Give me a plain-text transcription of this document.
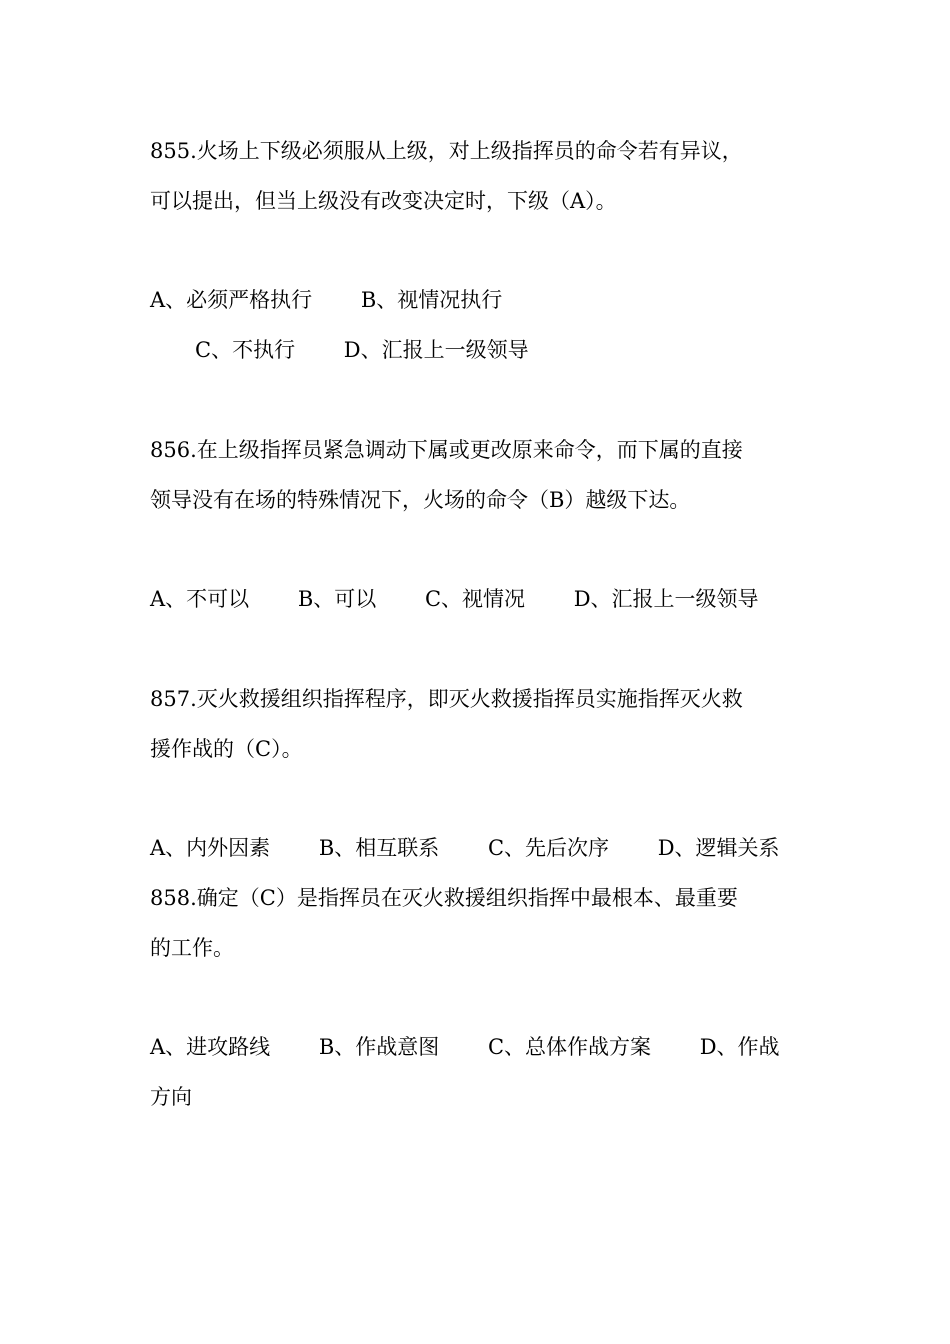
855.火场上下级必须服从上级，对上级指挥员的命令若有异议，

可以提出，但当上级没有改变决定时，下级（A）。

A、必须严格执行　　 B、视情况执行

C、不执行　　 D、汇报上一级领导

856.在上级指挥员紧急调动下属或更改原来命令，而下属的直接

领导没有在场的特殊情况下，火场的命令（B）越级下达。

A、不可以　　 B、可以　　 C、视情况　　 D、汇报上一级领导

857.灭火救援组织指挥程序，即灭火救援指挥员实施指挥灭火救

援作战的（C）。

A、内外因素　　 B、相互联系　　 C、先后次序　　 D、逻辑关系

858.确定（C）是指挥员在灭火救援组织指挥中最根本、最重要

的工作。

A、进攻路线　　 B、作战意图　　 C、总体作战方案　　 D、作战

方向
